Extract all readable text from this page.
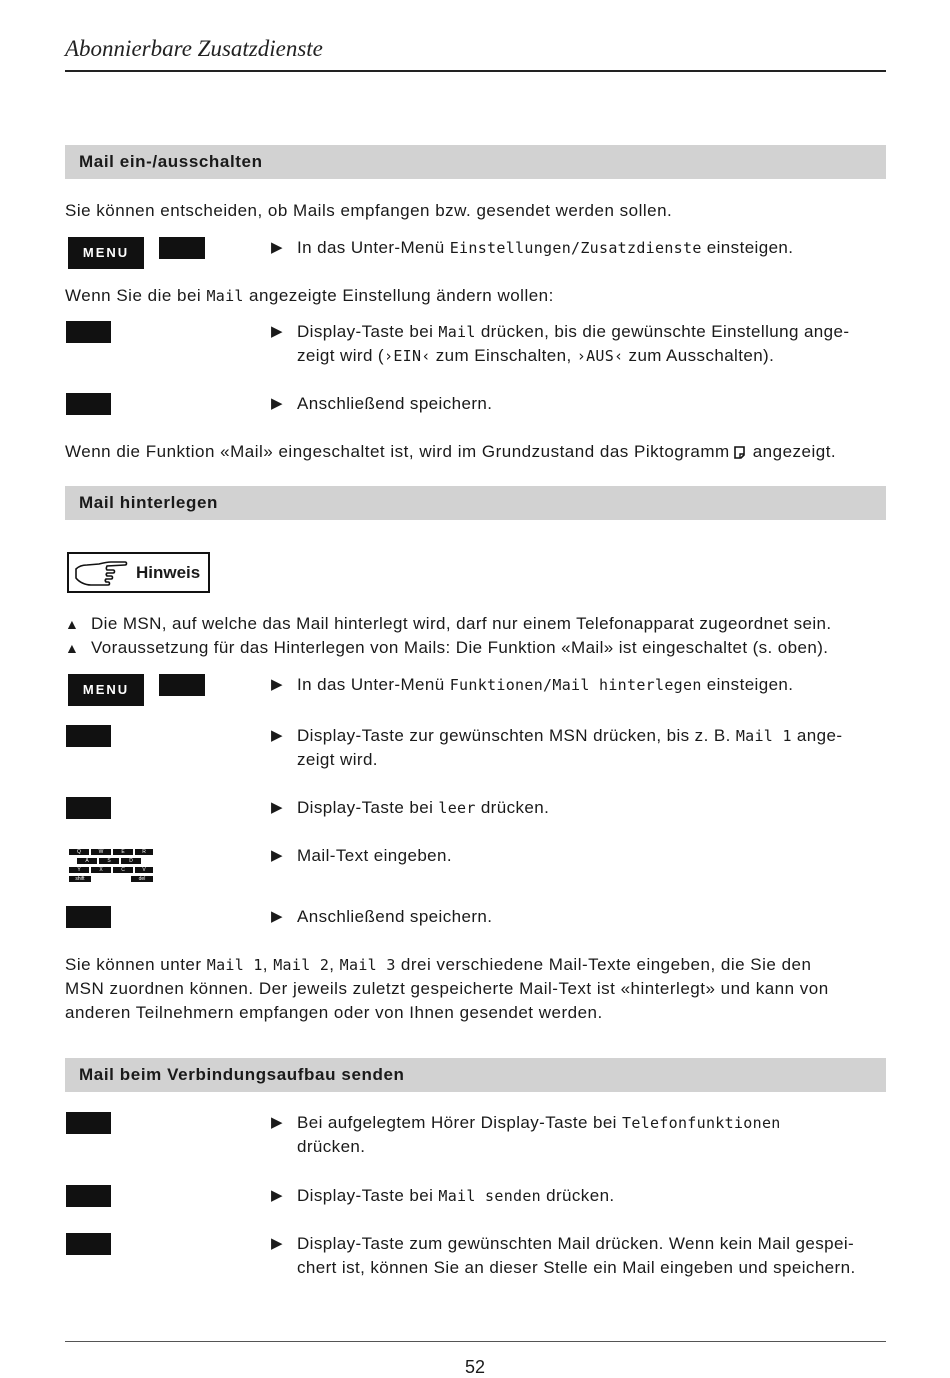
Abonnierbare Zusatzdienste
Mail ein-/ausschalten
Sie können entscheiden, ob Mails empfangen bzw. gesendet werden sollen.
MENU	▶ In das Unter-Menü Einstellungen/Zusatzdienste einsteigen.
Wenn Sie die bei Mail angezeigte Einstellung ändern wollen:
▶ Display-Taste bei Mail drücken, bis die gewünschte Einstellung ange-
zeigt wird (›EIN‹ zum Einschalten, ›AUS‹ zum Ausschalten).
▶ Anschließend speichern.
Wenn die Funktion «Mail» eingeschaltet ist, wird im Grundzustand das Piktogramm angezeigt.
Mail hinterlegen
Hinweis
▲ Die MSN, auf welche das Mail hinterlegt wird, darf nur einem Telefonapparat zugeordnet sein.
▲ Voraussetzung für das Hinterlegen von Mails: Die Funktion «Mail» ist eingeschaltet (s. oben).
MENU	▶ In das Unter-Menü Funktionen/Mail hinterlegen einsteigen.
▶ Display-Taste zur gewünschten MSN drücken, bis z. B. Mail 1 ange-
zeigt wird.
▶ Display-Taste bei leer drücken.
Q	W	E	R
A	S	D
Y	X	C	V
shift	del
▶ Mail-Text eingeben.
▶ Anschließend speichern.
Sie können unter Mail 1, Mail 2, Mail 3 drei verschiedene Mail-Texte eingeben, die Sie den
MSN zuordnen können. Der jeweils zuletzt gespeicherte Mail-Text ist «hinterlegt» und kann von
anderen Teilnehmern empfangen oder von Ihnen gesendet werden.
Mail beim Verbindungsaufbau senden
▶ Bei aufgelegtem Hörer Display-Taste bei Telefonfunktionen
drücken.
▶ Display-Taste bei Mail senden drücken.
▶ Display-Taste zum gewünschten Mail drücken. Wenn kein Mail gespei-
chert ist, können Sie an dieser Stelle ein Mail eingeben und speichern.
52
